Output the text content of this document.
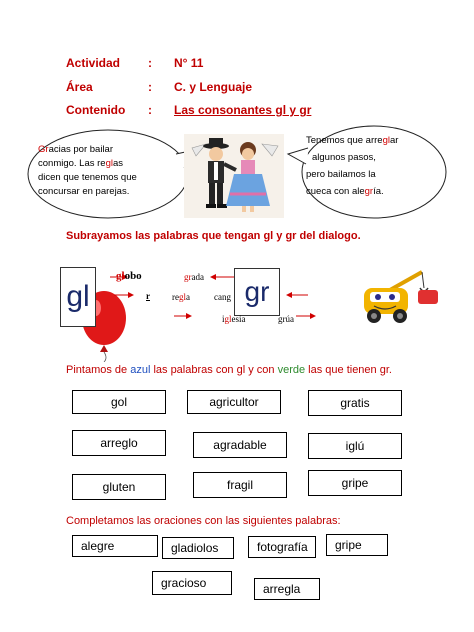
Actividad : N° 11
Área	: C. y Lenguaje
Contenido : Las consonantes gl y gr
Gracias por bailar
conmigo. Las reglas
dicen que tenemos que
concursar en parejas.
Tenemos que arreglar
algunos pasos,
pero bailamos la
cueca con alegría.
Subrayamos las palabras que tengan gl y gr del dialogo.
gl	gr
globo	grada
r regla	cang
iglesia	grúa
Pintamos de azul las palabras con gl y con verde las que tienen gr.
gol	agricultor	gratis
arreglo	agradable	iglú
gluten	fragil	gripe
Completamos las oraciones con las siguientes palabras:
alegre	gladiolos	fotografía	gripe
gracioso	arregla
